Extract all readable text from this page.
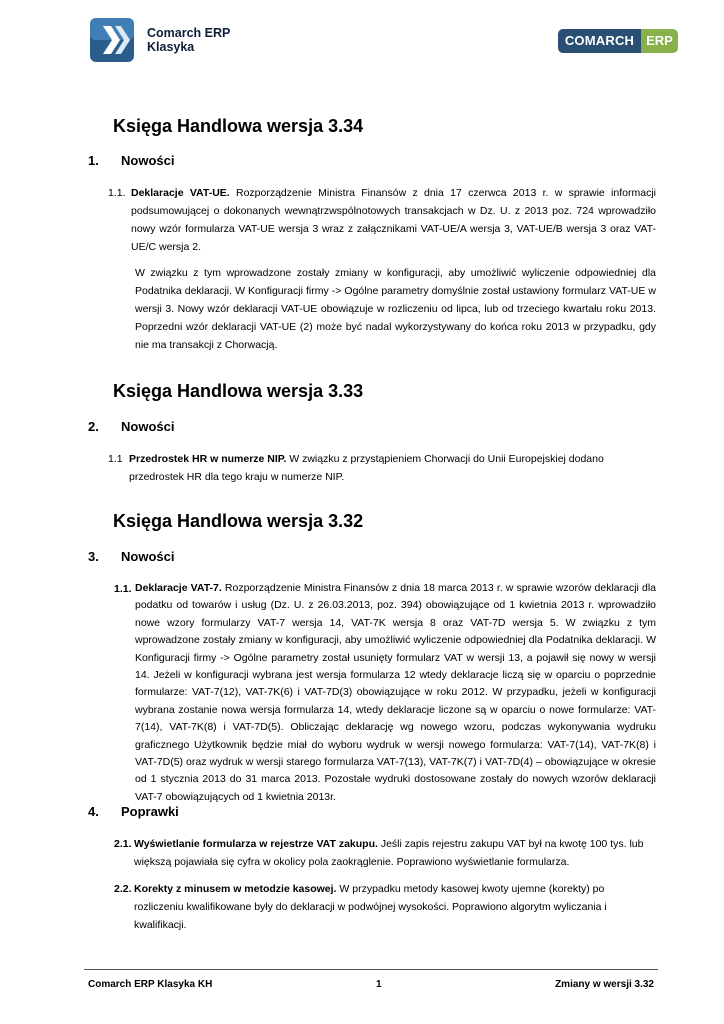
Comarch ERP
Klasyka	COMARCH ERP
Księga Handlowa wersja 3.34
1. Nowości
1.1. Deklaracje VAT-UE. Rozporządzenie Ministra Finansów z dnia 17 czerwca 2013 r. w sprawie informacji podsumowującej o dokonanych wewnątrzwspólnotowych transakcjach w Dz. U. z 2013 poz. 724 wprowadziło nowy wzór formularza VAT-UE wersja 3 wraz z załącznikami VAT-UE/A wersja 3, VAT-UE/B wersja 3 oraz VAT-UE/C wersja 2.
W związku z tym wprowadzone zostały zmiany w konfiguracji, aby umożliwić wyliczenie odpowiedniej dla Podatnika deklaracji. W Konfiguracji firmy -> Ogólne parametry domyślnie został ustawiony formularz VAT-UE w wersji 3. Nowy wzór deklaracji VAT-UE obowiązuje w rozliczeniu od lipca, lub od trzeciego kwartału roku 2013. Poprzedni wzór deklaracji VAT-UE (2) może być nadal wykorzystywany do końca roku 2013 w przypadku, gdy nie ma transakcji z Chorwacją.
Księga Handlowa wersja 3.33
2. Nowości
1.1 Przedrostek HR w numerze NIP. W związku z przystąpieniem Chorwacji do Unii Europejskiej dodano przedrostek HR dla tego kraju w numerze NIP.
Księga Handlowa wersja 3.32
3. Nowości
1.1. Deklaracje VAT-7. Rozporządzenie Ministra Finansów z dnia 18 marca 2013 r. w sprawie wzorów deklaracji dla podatku od towarów i usług (Dz. U. z 26.03.2013, poz. 394) obowiązujące od 1 kwietnia 2013 r. wprowadziło nowe wzory formularzy VAT-7 wersja 14, VAT-7K wersja 8 oraz VAT-7D wersja 5. W związku z tym wprowadzone zostały zmiany w konfiguracji, aby umożliwić wyliczenie odpowiedniej dla Podatnika deklaracji. W Konfiguracji firmy -> Ogólne parametry został usunięty formularz VAT w wersji 13, a pojawił się nowy w wersji 14. Jeżeli w konfiguracji wybrana jest wersja formularza 12 wtedy deklaracje liczą się w oparciu o poprzednie formularze: VAT-7(12), VAT-7K(6) i VAT-7D(3) obowiązujące w roku 2012. W przypadku, jeżeli w konfiguracji wybrana zostanie nowa wersja formularza 14, wtedy deklaracje liczone są w oparciu o nowe formularze: VAT-7(14), VAT-7K(8) i VAT-7D(5). Obliczając deklarację wg nowego wzoru, podczas wykonywania wydruku graficznego Użytkownik będzie miał do wyboru wydruk w wersji nowego formularza: VAT-7(14), VAT-7K(8) i VAT-7D(5) oraz wydruk w wersji starego formularza VAT-7(13), VAT-7K(7) i VAT-7D(4) – obowiązujące w okresie od 1 stycznia 2013 do 31 marca 2013. Pozostałe wydruki dostosowane zostały do nowych wzorów deklaracji VAT-7 obowiązujących od 1 kwietnia 2013r.
4. Poprawki
2.1. Wyświetlanie formularza w rejestrze VAT zakupu. Jeśli zapis rejestru zakupu VAT był na kwotę 100 tys. lub większą pojawiała się cyfra w okolicy pola zaokrąglenie. Poprawiono wyświetlanie formularza.
2.2. Korekty z minusem w metodzie kasowej. W przypadku metody kasowej kwoty ujemne (korekty) po rozliczeniu kwalifikowane były do deklaracji w podwójnej wysokości. Poprawiono algorytm wyliczania i kwalifikacji.
Comarch ERP Klasyka KH	1	Zmiany w wersji 3.32
